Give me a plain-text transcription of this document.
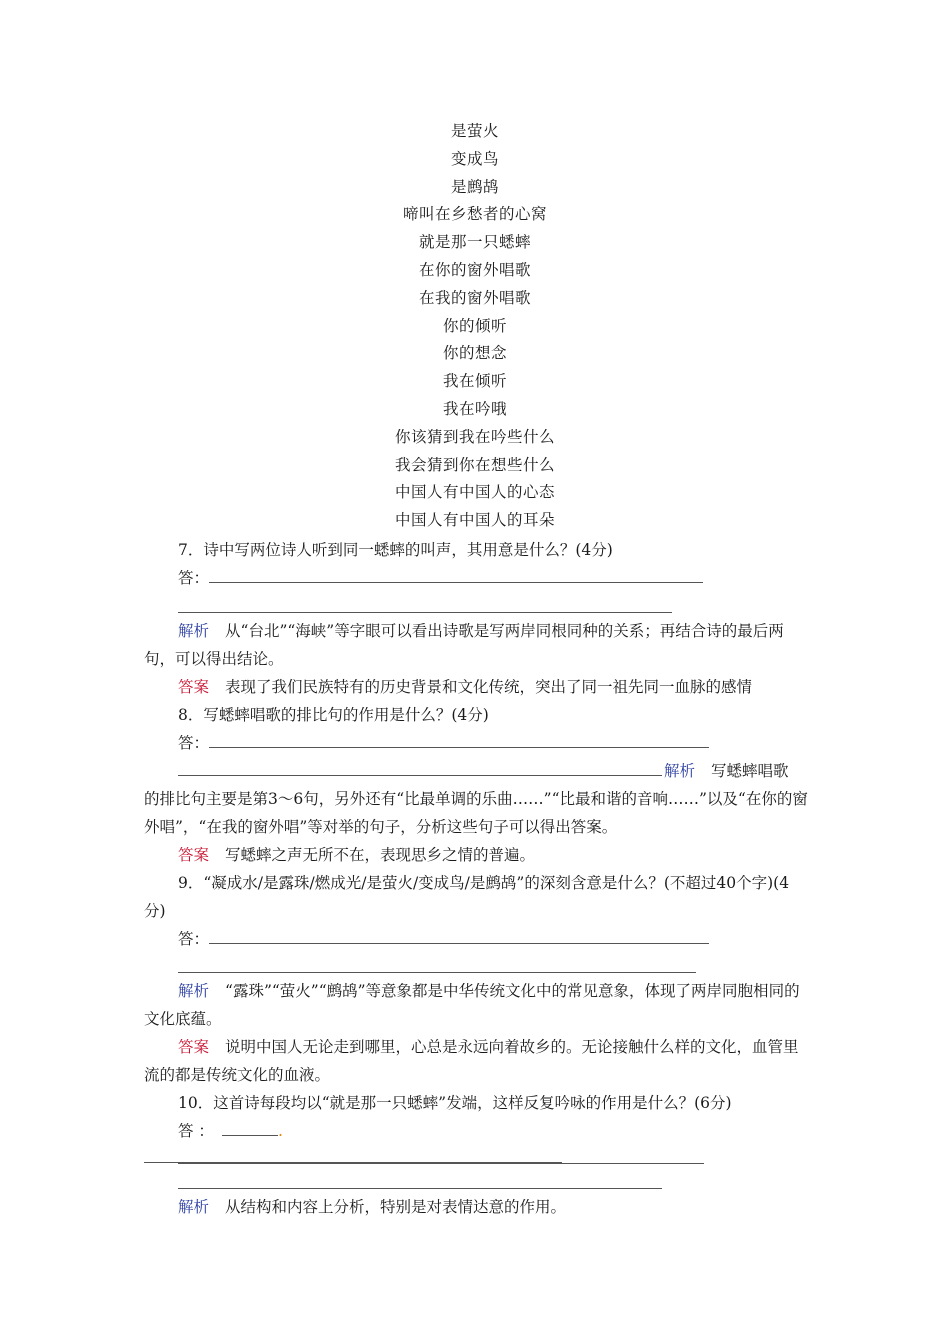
是萤火
变成鸟
是鹧鸪
啼叫在乡愁者的心窝
就是那一只蟋蟀
在你的窗外唱歌
在我的窗外唱歌
你的倾听
你的想念
我在倾听
我在吟哦
你该猜到我在吟些什么
我会猜到你在想些什么
中国人有中国人的心态
中国人有中国人的耳朵
7．诗中写两位诗人听到同一蟋蟀的叫声，其用意是什么？(4分)
答：
解析 从“台北”“海峡”等字眼可以看出诗歌是写两岸同根同种的关系；再结合诗的最后两句，可以得出结论。
答案 表现了我们民族特有的历史背景和文化传统，突出了同一祖先同一血脉的感情
8．写蟋蟀唱歌的排比句的作用是什么？(4分)
答：
解析 写蟋蟀唱歌
的排比句主要是第3～6句，另外还有“比最单调的乐曲……”“比最和谐的音响……”以及“在你的窗外唱”，“在我的窗外唱”等对举的句子，分析这些句子可以得出答案。
答案 写蟋蟀之声无所不在，表现思乡之情的普遍。
9．“凝成水/是露珠/燃成光/是萤火/变成鸟/是鹧鸪”的深刻含意是什么？(不超过40个字)(4分)
答：
解析 “露珠”“萤火”“鹧鸪”等意象都是中华传统文化中的常见意象，体现了两岸同胞相同的文化底蕴。
答案 说明中国人无论走到哪里，心总是永远向着故乡的。无论接触什么样的文化，血管里流的都是传统文化的血液。
10．这首诗每段均以“就是那一只蟋蟀”发端，这样反复吟咏的作用是什么？(6分)
答 ：	.
解析 从结构和内容上分析，特别是对表情达意的作用。
